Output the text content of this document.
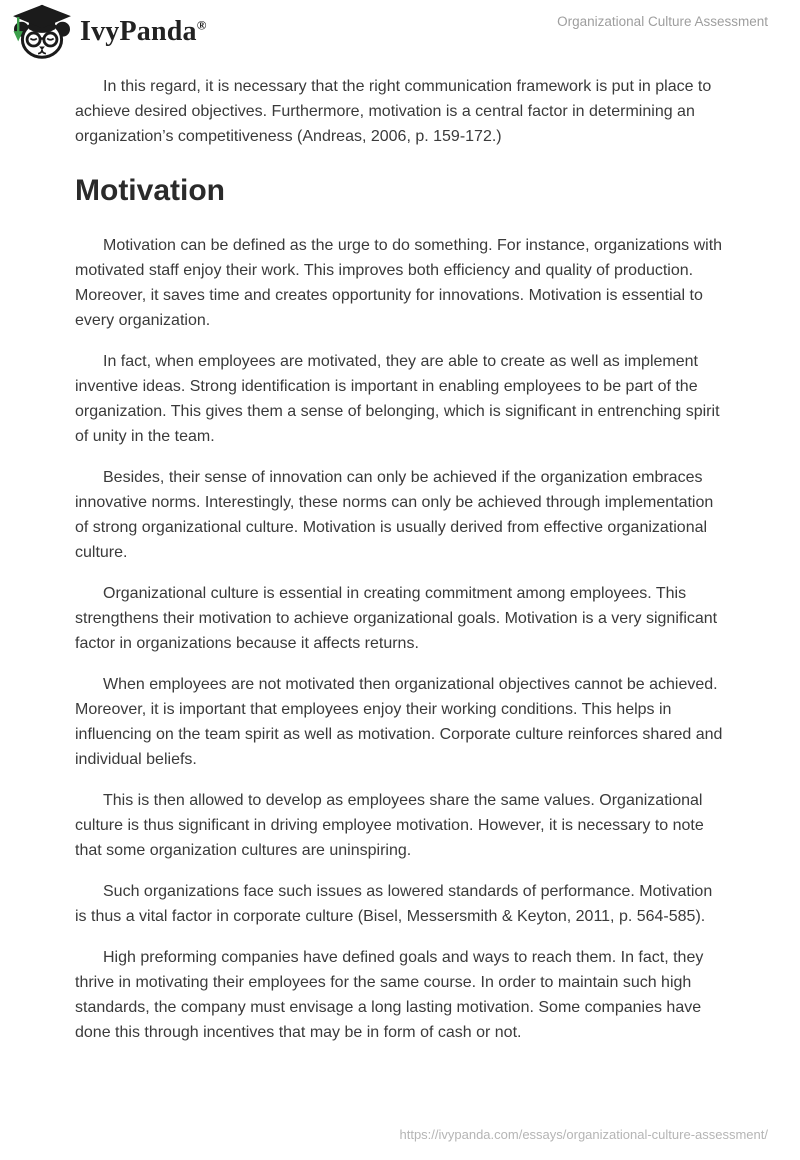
IvyPanda®	Organizational Culture Assessment

In this regard, it is necessary that the right communication framework is put in place to achieve desired objectives. Furthermore, motivation is a central factor in determining an organization’s competitiveness (Andreas, 2006, p. 159-172.)

Motivation

Motivation can be defined as the urge to do something. For instance, organizations with motivated staff enjoy their work. This improves both efficiency and quality of production. Moreover, it saves time and creates opportunity for innovations. Motivation is essential to every organization.

In fact, when employees are motivated, they are able to create as well as implement inventive ideas. Strong identification is important in enabling employees to be part of the organization. This gives them a sense of belonging, which is significant in entrenching spirit of unity in the team.

Besides, their sense of innovation can only be achieved if the organization embraces innovative norms. Interestingly, these norms can only be achieved through implementation of strong organizational culture. Motivation is usually derived from effective organizational culture.

Organizational culture is essential in creating commitment among employees. This strengthens their motivation to achieve organizational goals. Motivation is a very significant factor in organizations because it affects returns.

When employees are not motivated then organizational objectives cannot be achieved. Moreover, it is important that employees enjoy their working conditions. This helps in influencing on the team spirit as well as motivation. Corporate culture reinforces shared and individual beliefs.

This is then allowed to develop as employees share the same values. Organizational culture is thus significant in driving employee motivation. However, it is necessary to note that some organization cultures are uninspiring.

Such organizations face such issues as lowered standards of performance. Motivation is thus a vital factor in corporate culture (Bisel, Messersmith & Keyton, 2011, p. 564-585).

High preforming companies have defined goals and ways to reach them. In fact, they thrive in motivating their employees for the same course. In order to maintain such high standards, the company must envisage a long lasting motivation. Some companies have done this through incentives that may be in form of cash or not.

https://ivypanda.com/essays/organizational-culture-assessment/
